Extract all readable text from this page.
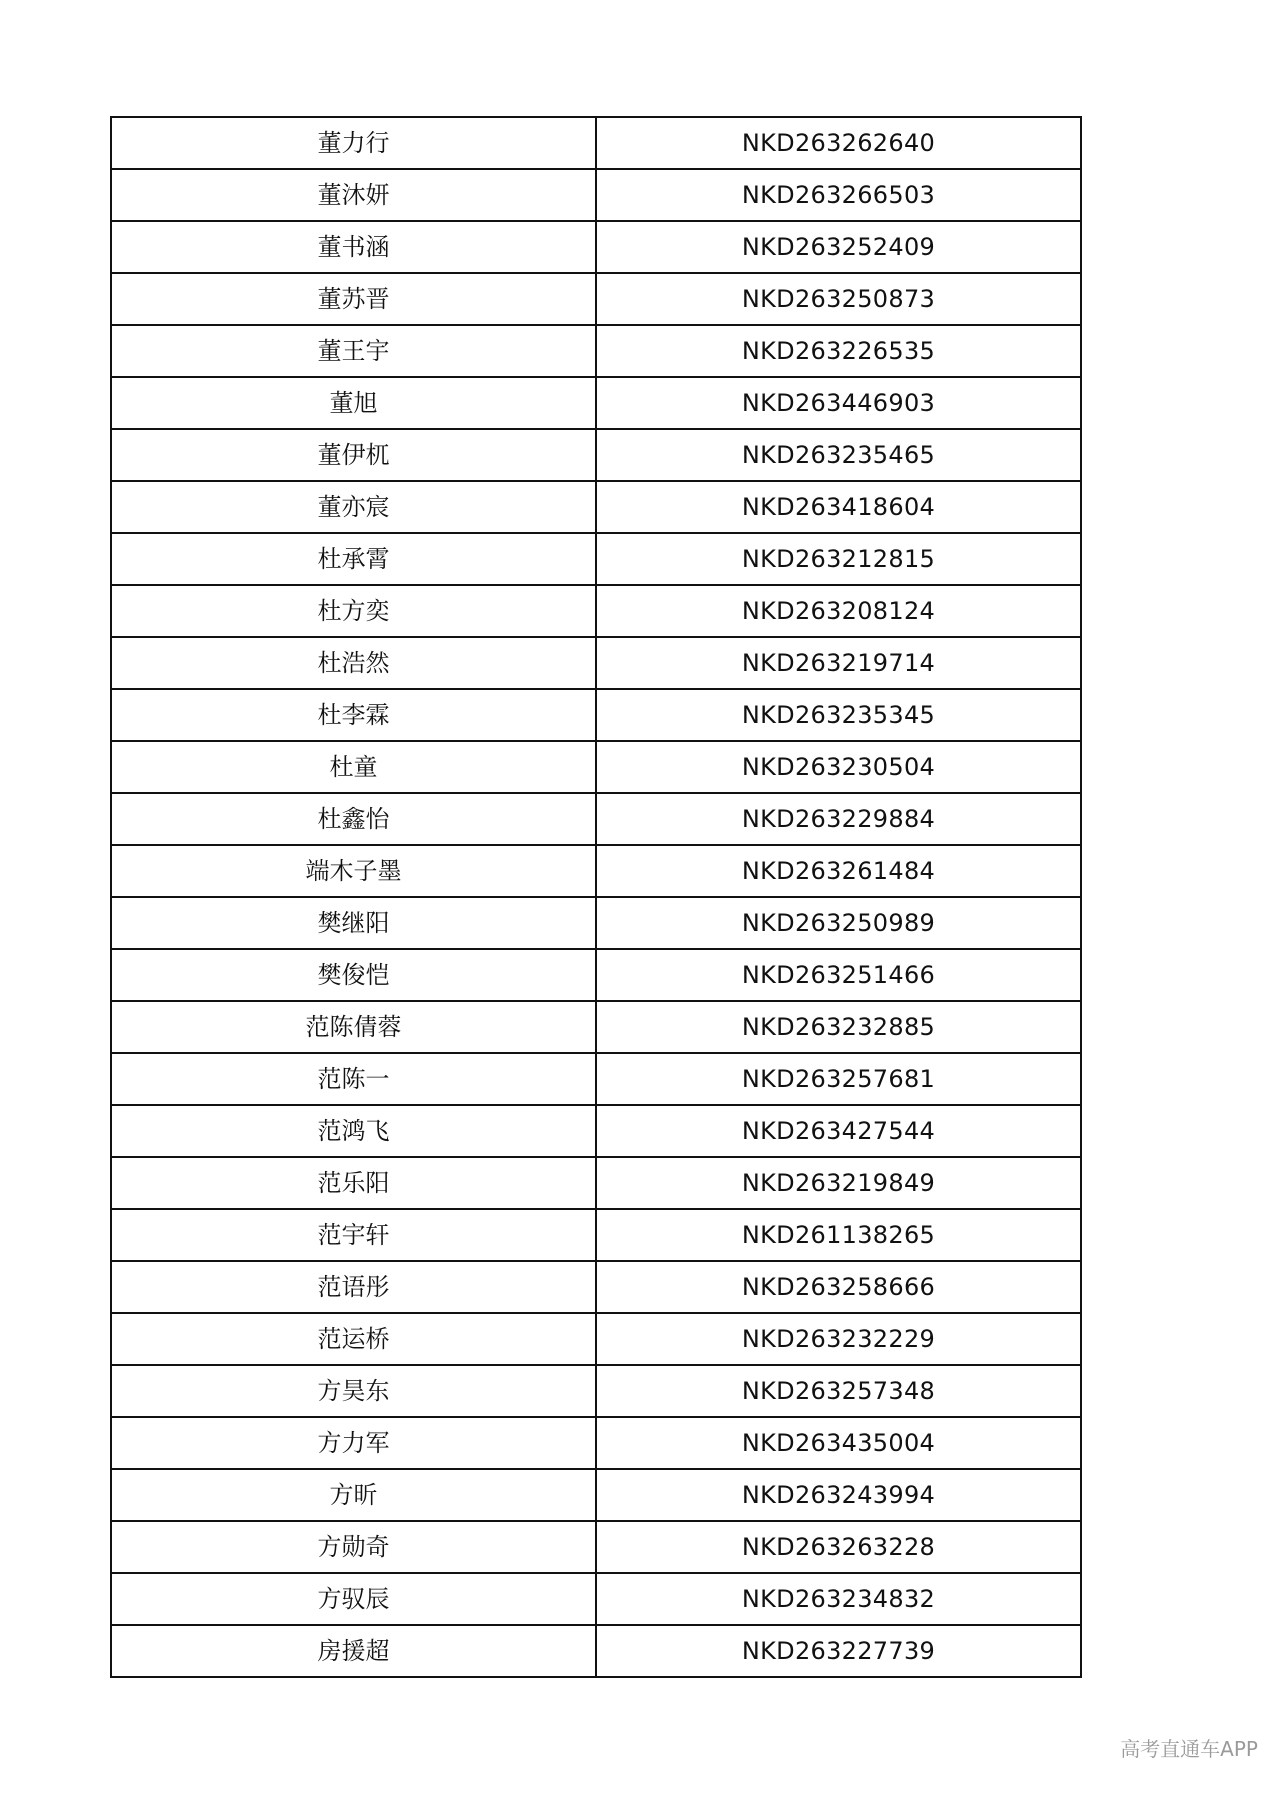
董力行	NKD263262640
董沐妍	NKD263266503
董书涵	NKD263252409
董苏晋	NKD263250873
董王宇	NKD263226535
董旭	NKD263446903
董伊杌	NKD263235465
董亦宸	NKD263418604
杜承霄	NKD263212815
杜方奕	NKD263208124
杜浩然	NKD263219714
杜李霖	NKD263235345
杜童	NKD263230504
杜鑫怡	NKD263229884
端木子墨	NKD263261484
樊继阳	NKD263250989
樊俊恺	NKD263251466
范陈倩蓉	NKD263232885
范陈一	NKD263257681
范鸿飞	NKD263427544
范乐阳	NKD263219849
范宇轩	NKD261138265
范语彤	NKD263258666
范运桥	NKD263232229
方昊东	NKD263257348
方力军	NKD263435004
方昕	NKD263243994
方勋奇	NKD263263228
方驭辰	NKD263234832
房援超	NKD263227739
高考直通车APP
